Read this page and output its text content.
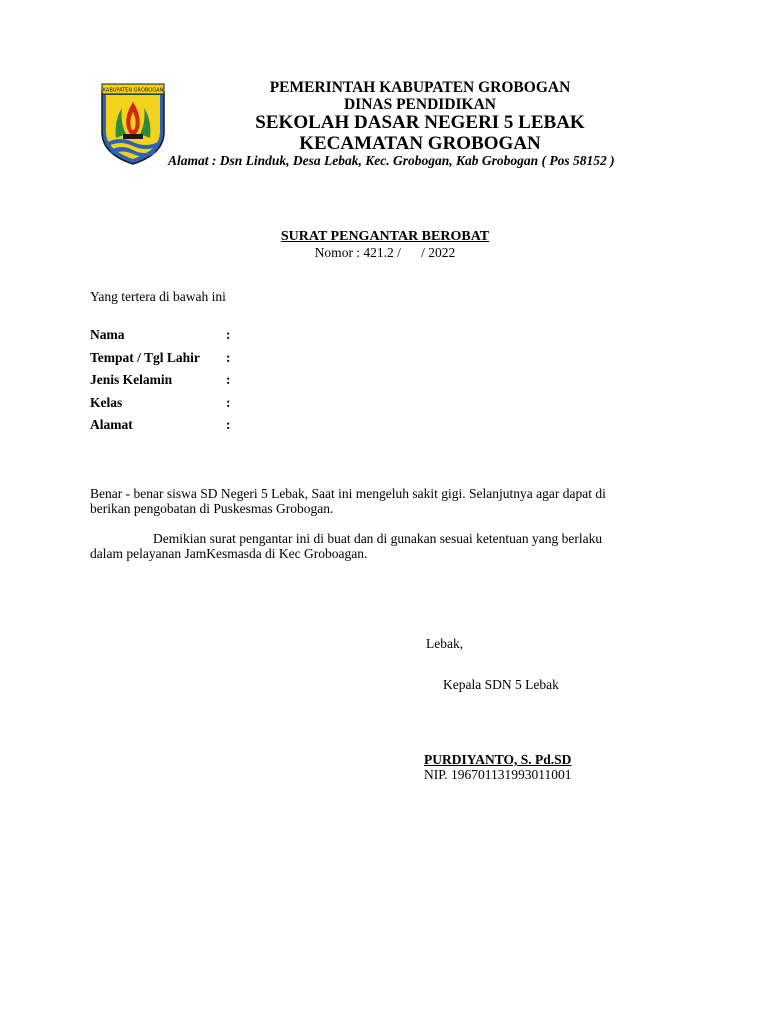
KABUPATEN GROBOGAN	PEMERINTAH KABUPATEN GROBOGAN
DINAS PENDIDIKAN
SEKOLAH DASAR NEGERI 5 LEBAK
KECAMATAN GROBOGAN
Alamat : Dsn Linduk, Desa Lebak, Kec. Grobogan, Kab Grobogan ( Pos 58152 )
SURAT PENGANTAR BEROBAT
Nomor : 421.2 /      / 2022
Yang tertera di bawah ini
Nama	:
Tempat / Tgl Lahir :
Jenis Kelamin	:
Kelas	:
Alamat	:
Benar - benar siswa SD Negeri 5 Lebak, Saat ini mengeluh sakit gigi. Selanjutnya agar dapat di
berikan pengobatan di Puskesmas Grobogan.
Demikian surat pengantar ini di buat dan di gunakan sesuai ketentuan yang berlaku
dalam pelayanan JamKesmasda di Kec Groboagan.
Lebak,
Kepala SDN 5 Lebak
PURDIYANTO, S. Pd.SD
NIP. 196701131993011001
